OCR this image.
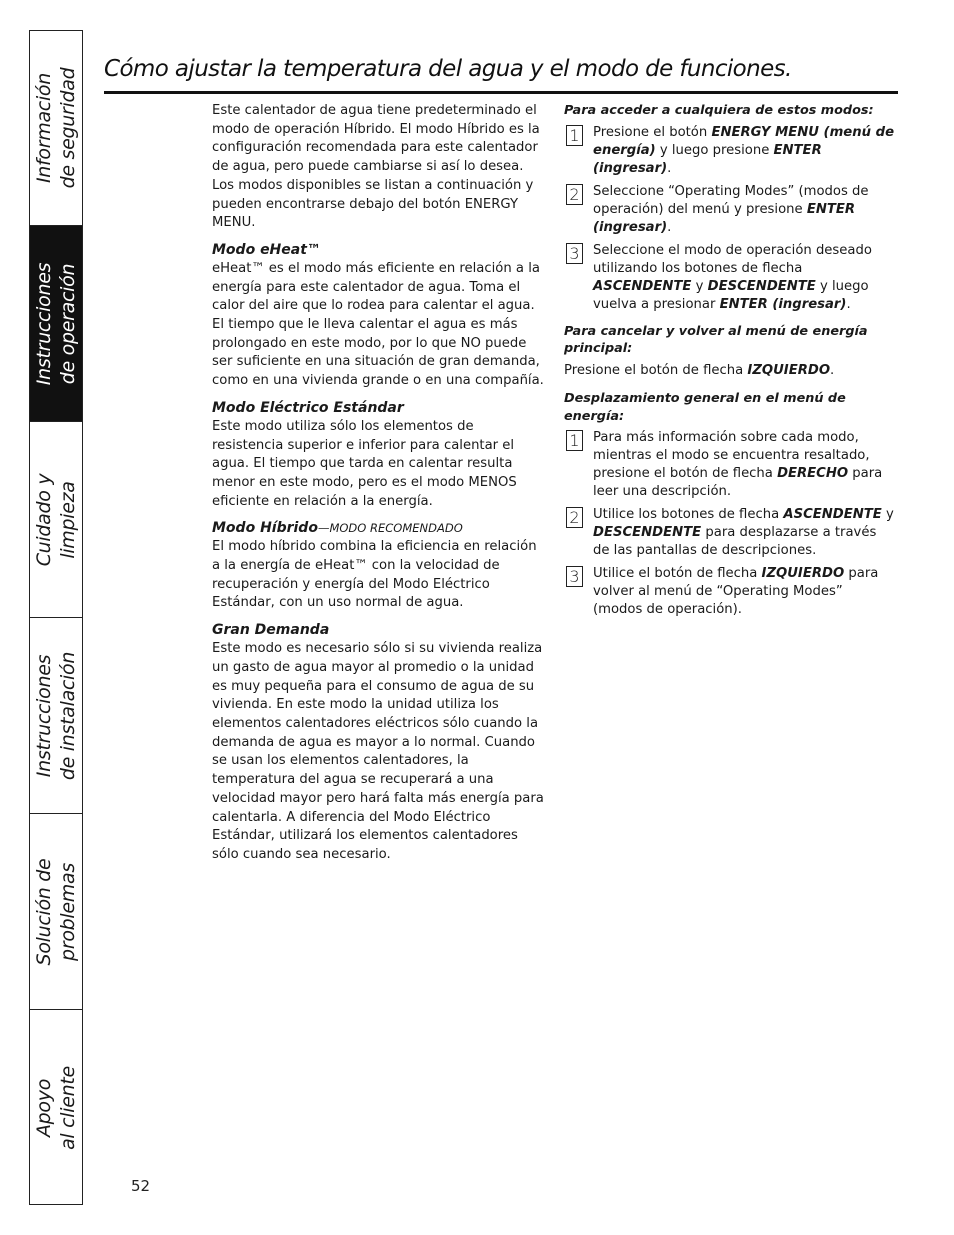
Información de seguridad
Instrucciones de operación
Cuidado y limpieza
Instrucciones de instalación
Solución de problemas
Apoyo al cliente
Cómo ajustar la temperatura del agua y el modo de funciones.

Este calentador de agua tiene predeterminado el modo de operación Híbrido. El modo Híbrido es la configuración recomendada para este calentador de agua, pero puede cambiarse si así lo desea. Los modos disponibles se listan a continuación y pueden encontrarse debajo del botón ENERGY MENU.

Modo eHeat™

eHeat™ es el modo más eficiente en relación a la energía para este calentador de agua. Toma el calor del aire que lo rodea para calentar el agua. El tiempo que le lleva calentar el agua es más prolongado en este modo, por lo que NO puede ser suficiente en una situación de gran demanda, como en una vivienda grande o en una compañía.

Modo Eléctrico Estándar

Este modo utiliza sólo los elementos de resistencia superior e inferior para calentar el agua. El tiempo que tarda en calentar resulta menor en este modo, pero es el modo MENOS eficiente en relación a la energía.

Modo Híbrido—MODO RECOMENDADO

El modo híbrido combina la eficiencia en relación a la energía de eHeat™ con la velocidad de recuperación y energía del Modo Eléctrico Estándar, con un uso normal de agua.

Gran Demanda

Este modo es necesario sólo si su vivienda realiza un gasto de agua mayor al promedio o la unidad es muy pequeña para el consumo de agua de su vivienda. En este modo la unidad utiliza los elementos calentadores eléctricos sólo cuando la demanda de agua es mayor a lo normal. Cuando se usan los elementos calentadores, la temperatura del agua se recuperará a una velocidad mayor pero hará falta más energía para calentarla. A diferencia del Modo Eléctrico Estándar, utilizará los elementos calentadores sólo cuando sea necesario.

Para acceder a cualquiera de estos modos:

1 Presione el botón ENERGY MENU (menú de energía) y luego presione ENTER (ingresar).
2 Seleccione “Operating Modes” (modos de operación) del menú y presione ENTER (ingresar).
3 Seleccione el modo de operación deseado utilizando los botones de flecha ASCENDENTE y DESCENDENTE y luego vuelva a presionar ENTER (ingresar).

Para cancelar y volver al menú de energía principal:

Presione el botón de flecha IZQUIERDO.

Desplazamiento general en el menú de energía:

1 Para más información sobre cada modo, mientras el modo se encuentra resaltado, presione el botón de flecha DERECHO para leer una descripción.
2 Utilice los botones de flecha ASCENDENTE y DESCENDENTE para desplazarse a través de las pantallas de descripciones.
3 Utilice el botón de flecha IZQUIERDO para volver al menú de “Operating Modes” (modos de operación).
52
